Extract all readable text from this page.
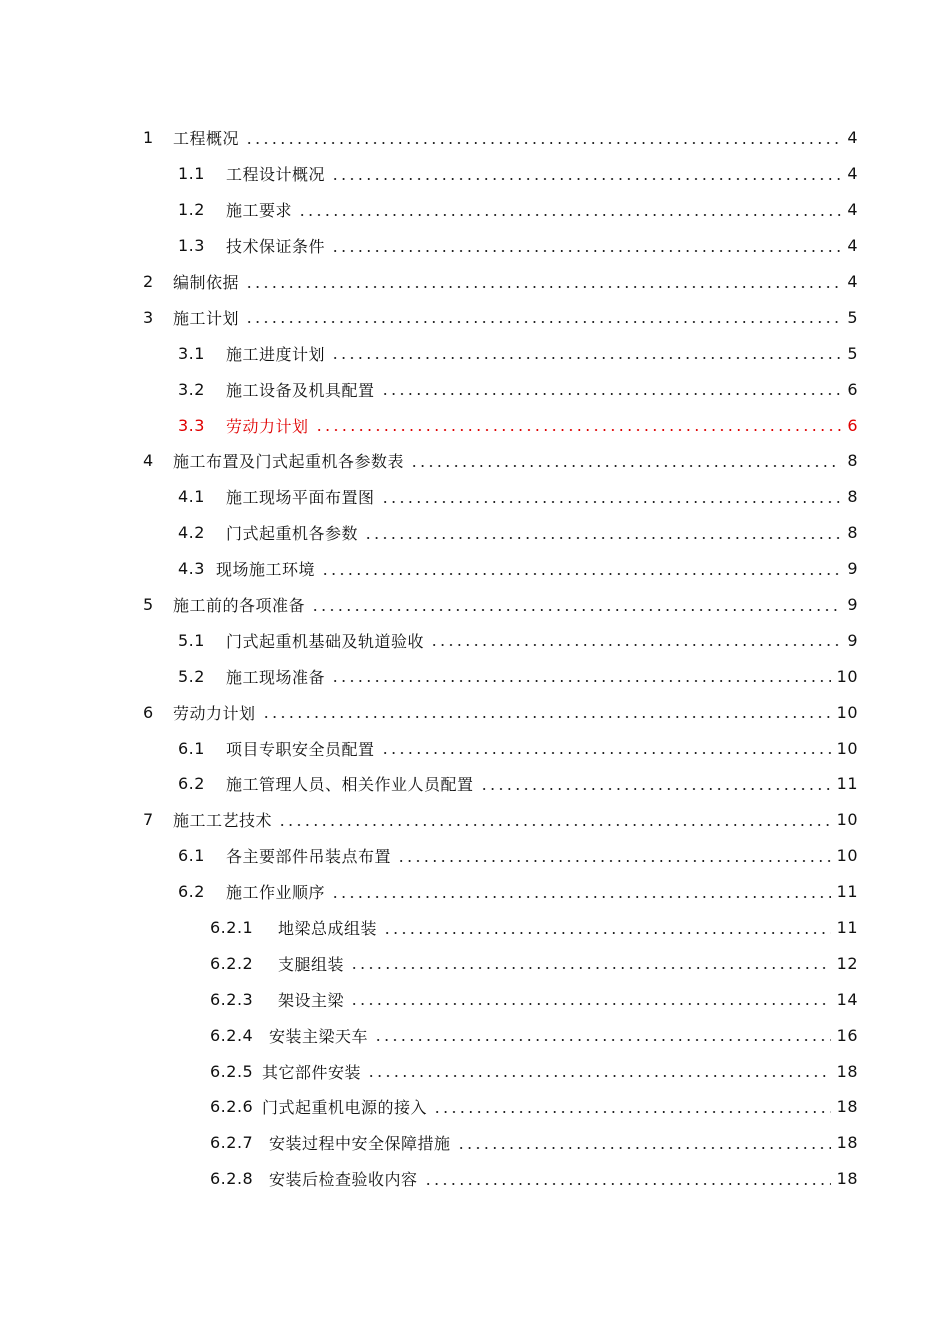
1	工程概况	4
1.1	工程设计概况	4
1.2	施工要求	4
1.3	技术保证条件	4
2	编制依据	4
3	施工计划	5
3.1	施工进度计划	5
3.2	施工设备及机具配置	6
3.3	劳动力计划	6
4	施工布置及门式起重机各参数表	8
4.1	施工现场平面布置图	8
4.2	门式起重机各参数	8
4.3 现场施工环境	9
5	施工前的各项准备	9
5.1	门式起重机基础及轨道验收	9
5.2	施工现场准备	10
6	劳动力计划	10
6.1	项目专职安全员配置	10
6.2	施工管理人员、相关作业人员配置	11
7	施工工艺技术	10
6.1	各主要部件吊装点布置	10
6.2	施工作业顺序	11
6.2.1	地梁总成组装	11
6.2.2	支腿组装	12
6.2.3	架设主梁	14
6.2.4 安装主梁天车	16
6.2.5 其它部件安装	18
6.2.6 门式起重机电源的接入	18
6.2.7 安装过程中安全保障措施	18
6.2.8 安装后检查验收内容	18
